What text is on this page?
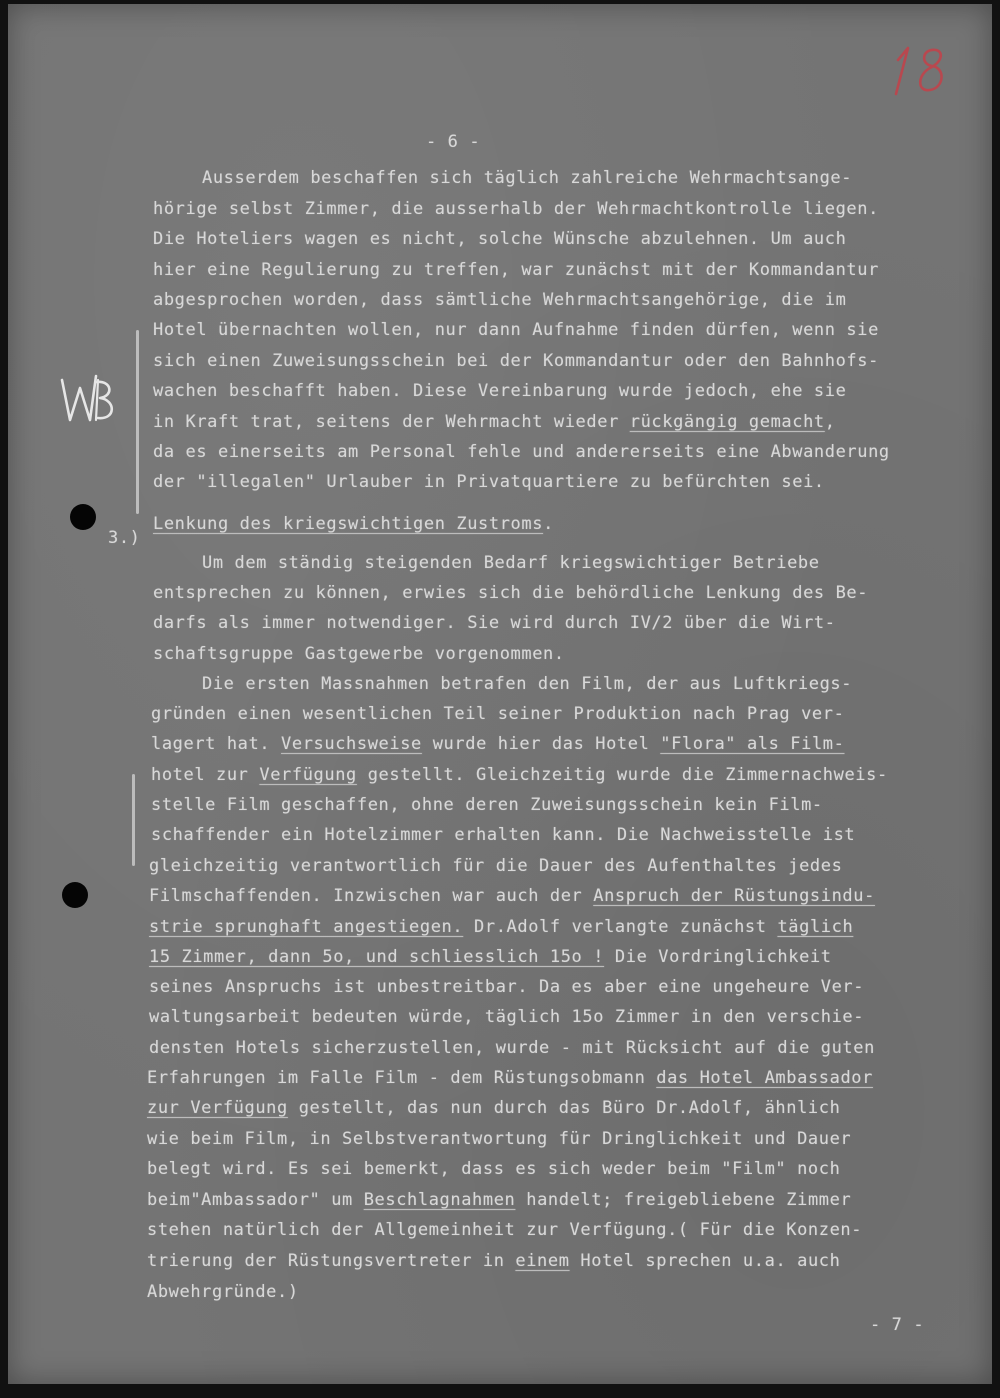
- 6 -
3.)
Ausserdem beschaffen sich täglich zahlreiche Wehrmachtsange-
hörige selbst Zimmer, die ausserhalb der Wehrmachtkontrolle liegen.
Die Hoteliers wagen es nicht, solche Wünsche abzulehnen. Um auch
hier eine Regulierung zu treffen, war zunächst mit der Kommandantur
abgesprochen worden, dass sämtliche Wehrmachtsangehörige, die im
Hotel übernachten wollen, nur dann Aufnahme finden dürfen, wenn sie
sich einen Zuweisungsschein bei der Kommandantur oder den Bahnhofs-
wachen beschafft haben. Diese Vereinbarung wurde jedoch, ehe sie
in Kraft trat, seitens der Wehrmacht wieder rückgängig gemacht,
da es einerseits am Personal fehle und andererseits eine Abwanderung
der "illegalen" Urlauber in Privatquartiere zu befürchten sei.
Lenkung des kriegswichtigen Zustroms.
Um dem ständig steigenden Bedarf kriegswichtiger Betriebe
entsprechen zu können, erwies sich die behördliche Lenkung des Be-
darfs als immer notwendiger. Sie wird durch IV/2 über die Wirt-
schaftsgruppe Gastgewerbe vorgenommen.
Die ersten Massnahmen betrafen den Film, der aus Luftkriegs-
gründen einen wesentlichen Teil seiner Produktion nach Prag ver-
lagert hat. Versuchsweise wurde hier das Hotel "Flora" als Film-
hotel zur Verfügung gestellt. Gleichzeitig wurde die Zimmernachweis-
stelle Film geschaffen, ohne deren Zuweisungsschein kein Film-
schaffender ein Hotelzimmer erhalten kann. Die Nachweisstelle ist
gleichzeitig verantwortlich für die Dauer des Aufenthaltes jedes
Filmschaffenden. Inzwischen war auch der Anspruch der Rüstungsindu-
strie sprunghaft angestiegen. Dr.Adolf verlangte zunächst täglich
15 Zimmer, dann 5o, und schliesslich 15o ! Die Vordringlichkeit
seines Anspruchs ist unbestreitbar. Da es aber eine ungeheure Ver-
waltungsarbeit bedeuten würde, täglich 15o Zimmer in den verschie-
densten Hotels sicherzustellen, wurde - mit Rücksicht auf die guten
Erfahrungen im Falle Film - dem Rüstungsobmann das Hotel Ambassador
zur Verfügung gestellt, das nun durch das Büro Dr.Adolf, ähnlich
wie beim Film, in Selbstverantwortung für Dringlichkeit und Dauer
belegt wird. Es sei bemerkt, dass es sich weder beim "Film" noch
beim"Ambassador" um Beschlagnahmen handelt; freigebliebene Zimmer
stehen natürlich der Allgemeinheit zur Verfügung.( Für die Konzen-
trierung der Rüstungsvertreter in einem Hotel sprechen u.a. auch
Abwehrgründe.)
- 7 -
